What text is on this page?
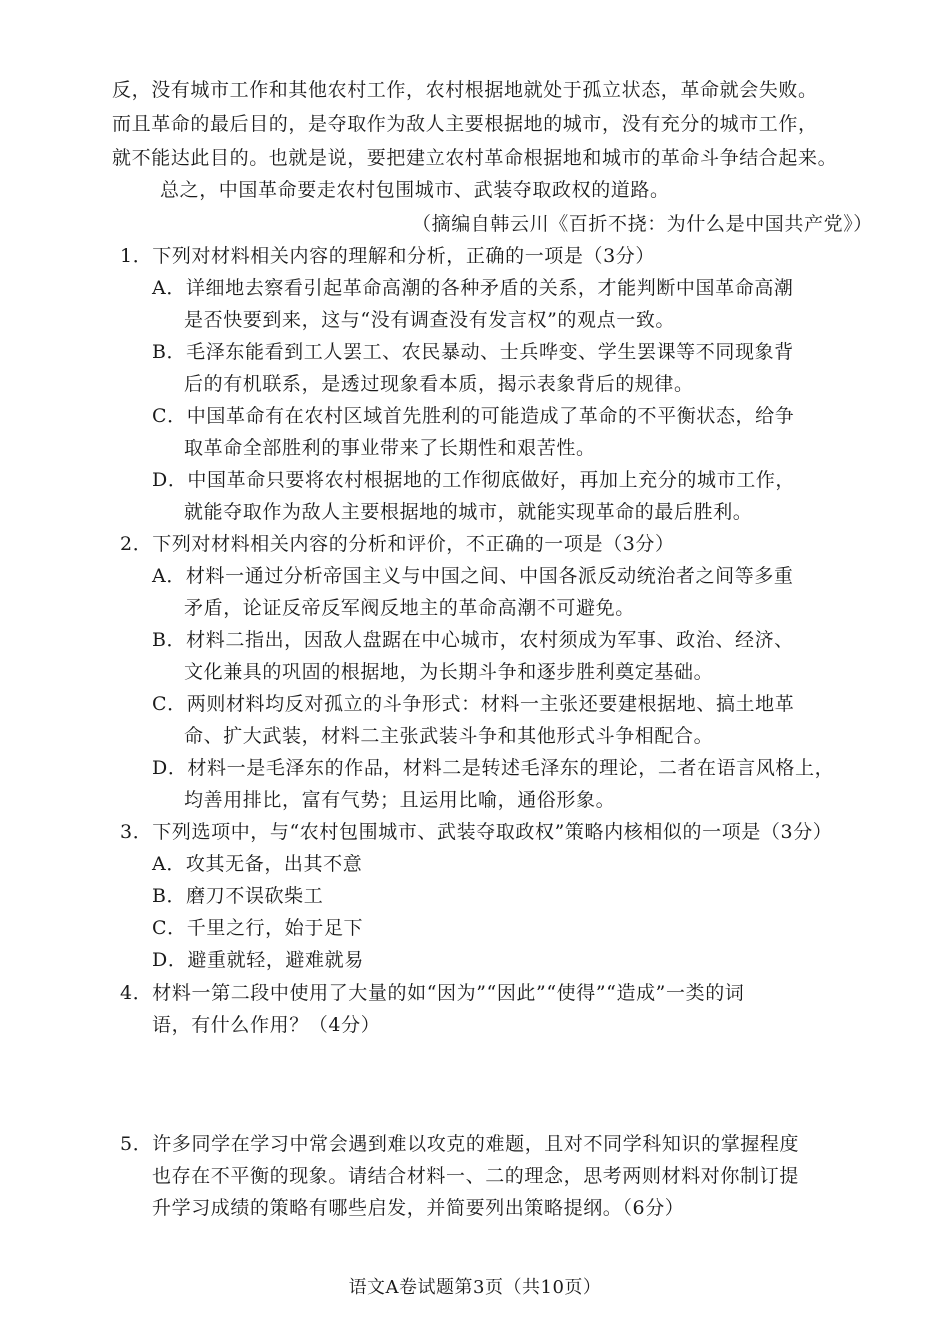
反，没有城市工作和其他农村工作，农村根据地就处于孤立状态，革命就会失败。
而且革命的最后目的，是夺取作为敌人主要根据地的城市，没有充分的城市工作，
就不能达此目的。也就是说，要把建立农村革命根据地和城市的革命斗争结合起来。
总之，中国革命要走农村包围城市、武装夺取政权的道路。
（摘编自韩云川《百折不挠：为什么是中国共产党》）
1．下列对材料相关内容的理解和分析，正确的一项是（3分）
A．详细地去察看引起革命高潮的各种矛盾的关系，才能判断中国革命高潮
是否快要到来，这与“没有调查没有发言权”的观点一致。
B．毛泽东能看到工人罢工、农民暴动、士兵哗变、学生罢课等不同现象背
后的有机联系，是透过现象看本质，揭示表象背后的规律。
C．中国革命有在农村区域首先胜利的可能造成了革命的不平衡状态，给争
取革命全部胜利的事业带来了长期性和艰苦性。
D．中国革命只要将农村根据地的工作彻底做好，再加上充分的城市工作，
就能夺取作为敌人主要根据地的城市，就能实现革命的最后胜利。
2．下列对材料相关内容的分析和评价，不正确的一项是（3分）
A．材料一通过分析帝国主义与中国之间、中国各派反动统治者之间等多重
矛盾，论证反帝反军阀反地主的革命高潮不可避免。
B．材料二指出，因敌人盘踞在中心城市，农村须成为军事、政治、经济、
文化兼具的巩固的根据地，为长期斗争和逐步胜利奠定基础。
C．两则材料均反对孤立的斗争形式：材料一主张还要建根据地、搞土地革
命、扩大武装，材料二主张武装斗争和其他形式斗争相配合。
D．材料一是毛泽东的作品，材料二是转述毛泽东的理论，二者在语言风格上，
均善用排比，富有气势；且运用比喻，通俗形象。
3．下列选项中，与“农村包围城市、武装夺取政权”策略内核相似的一项是（3分）
A．攻其无备，出其不意
B．磨刀不误砍柴工
C．千里之行，始于足下
D．避重就轻，避难就易
4．材料一第二段中使用了大量的如“因为”“因此”“使得”“造成”一类的词
语，有什么作用？（4分）
5．许多同学在学习中常会遇到难以攻克的难题，且对不同学科知识的掌握程度
也存在不平衡的现象。请结合材料一、二的理念，思考两则材料对你制订提
升学习成绩的策略有哪些启发，并简要列出策略提纲。（6分）
语文A卷试题第3页（共10页）
